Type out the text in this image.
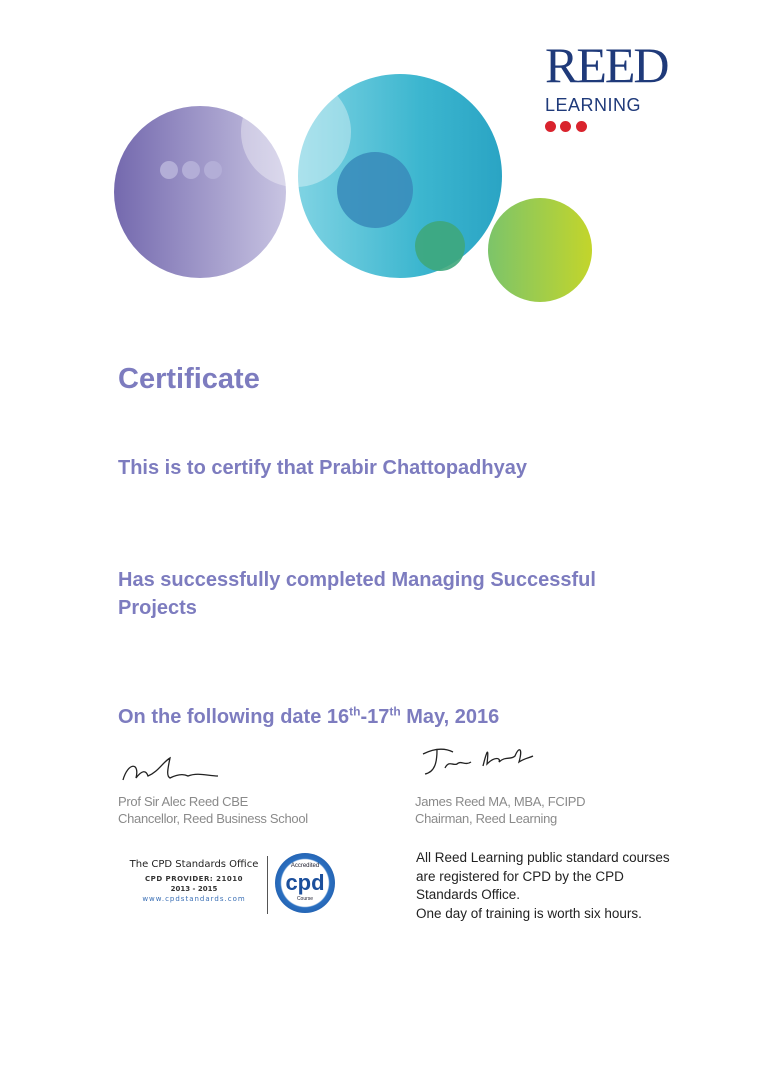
REED
LEARNING

Certificate
This is to certify that Prabir Chattopadhyay
Has successfully completed Managing Successful Projects
On the following date 16th-17th May, 2016
Prof Sir Alec Reed CBE
Chancellor, Reed Business School
James Reed MA, MBA, FCIPD
Chairman, Reed Learning
The CPD Standards Office
CPD PROVIDER: 21010
2013 - 2015
www.cpdstandards.com
Accredited
cpd
Course
All Reed Learning public standard courses
are registered for CPD by the CPD
Standards Office.
One day of training is worth six hours.
